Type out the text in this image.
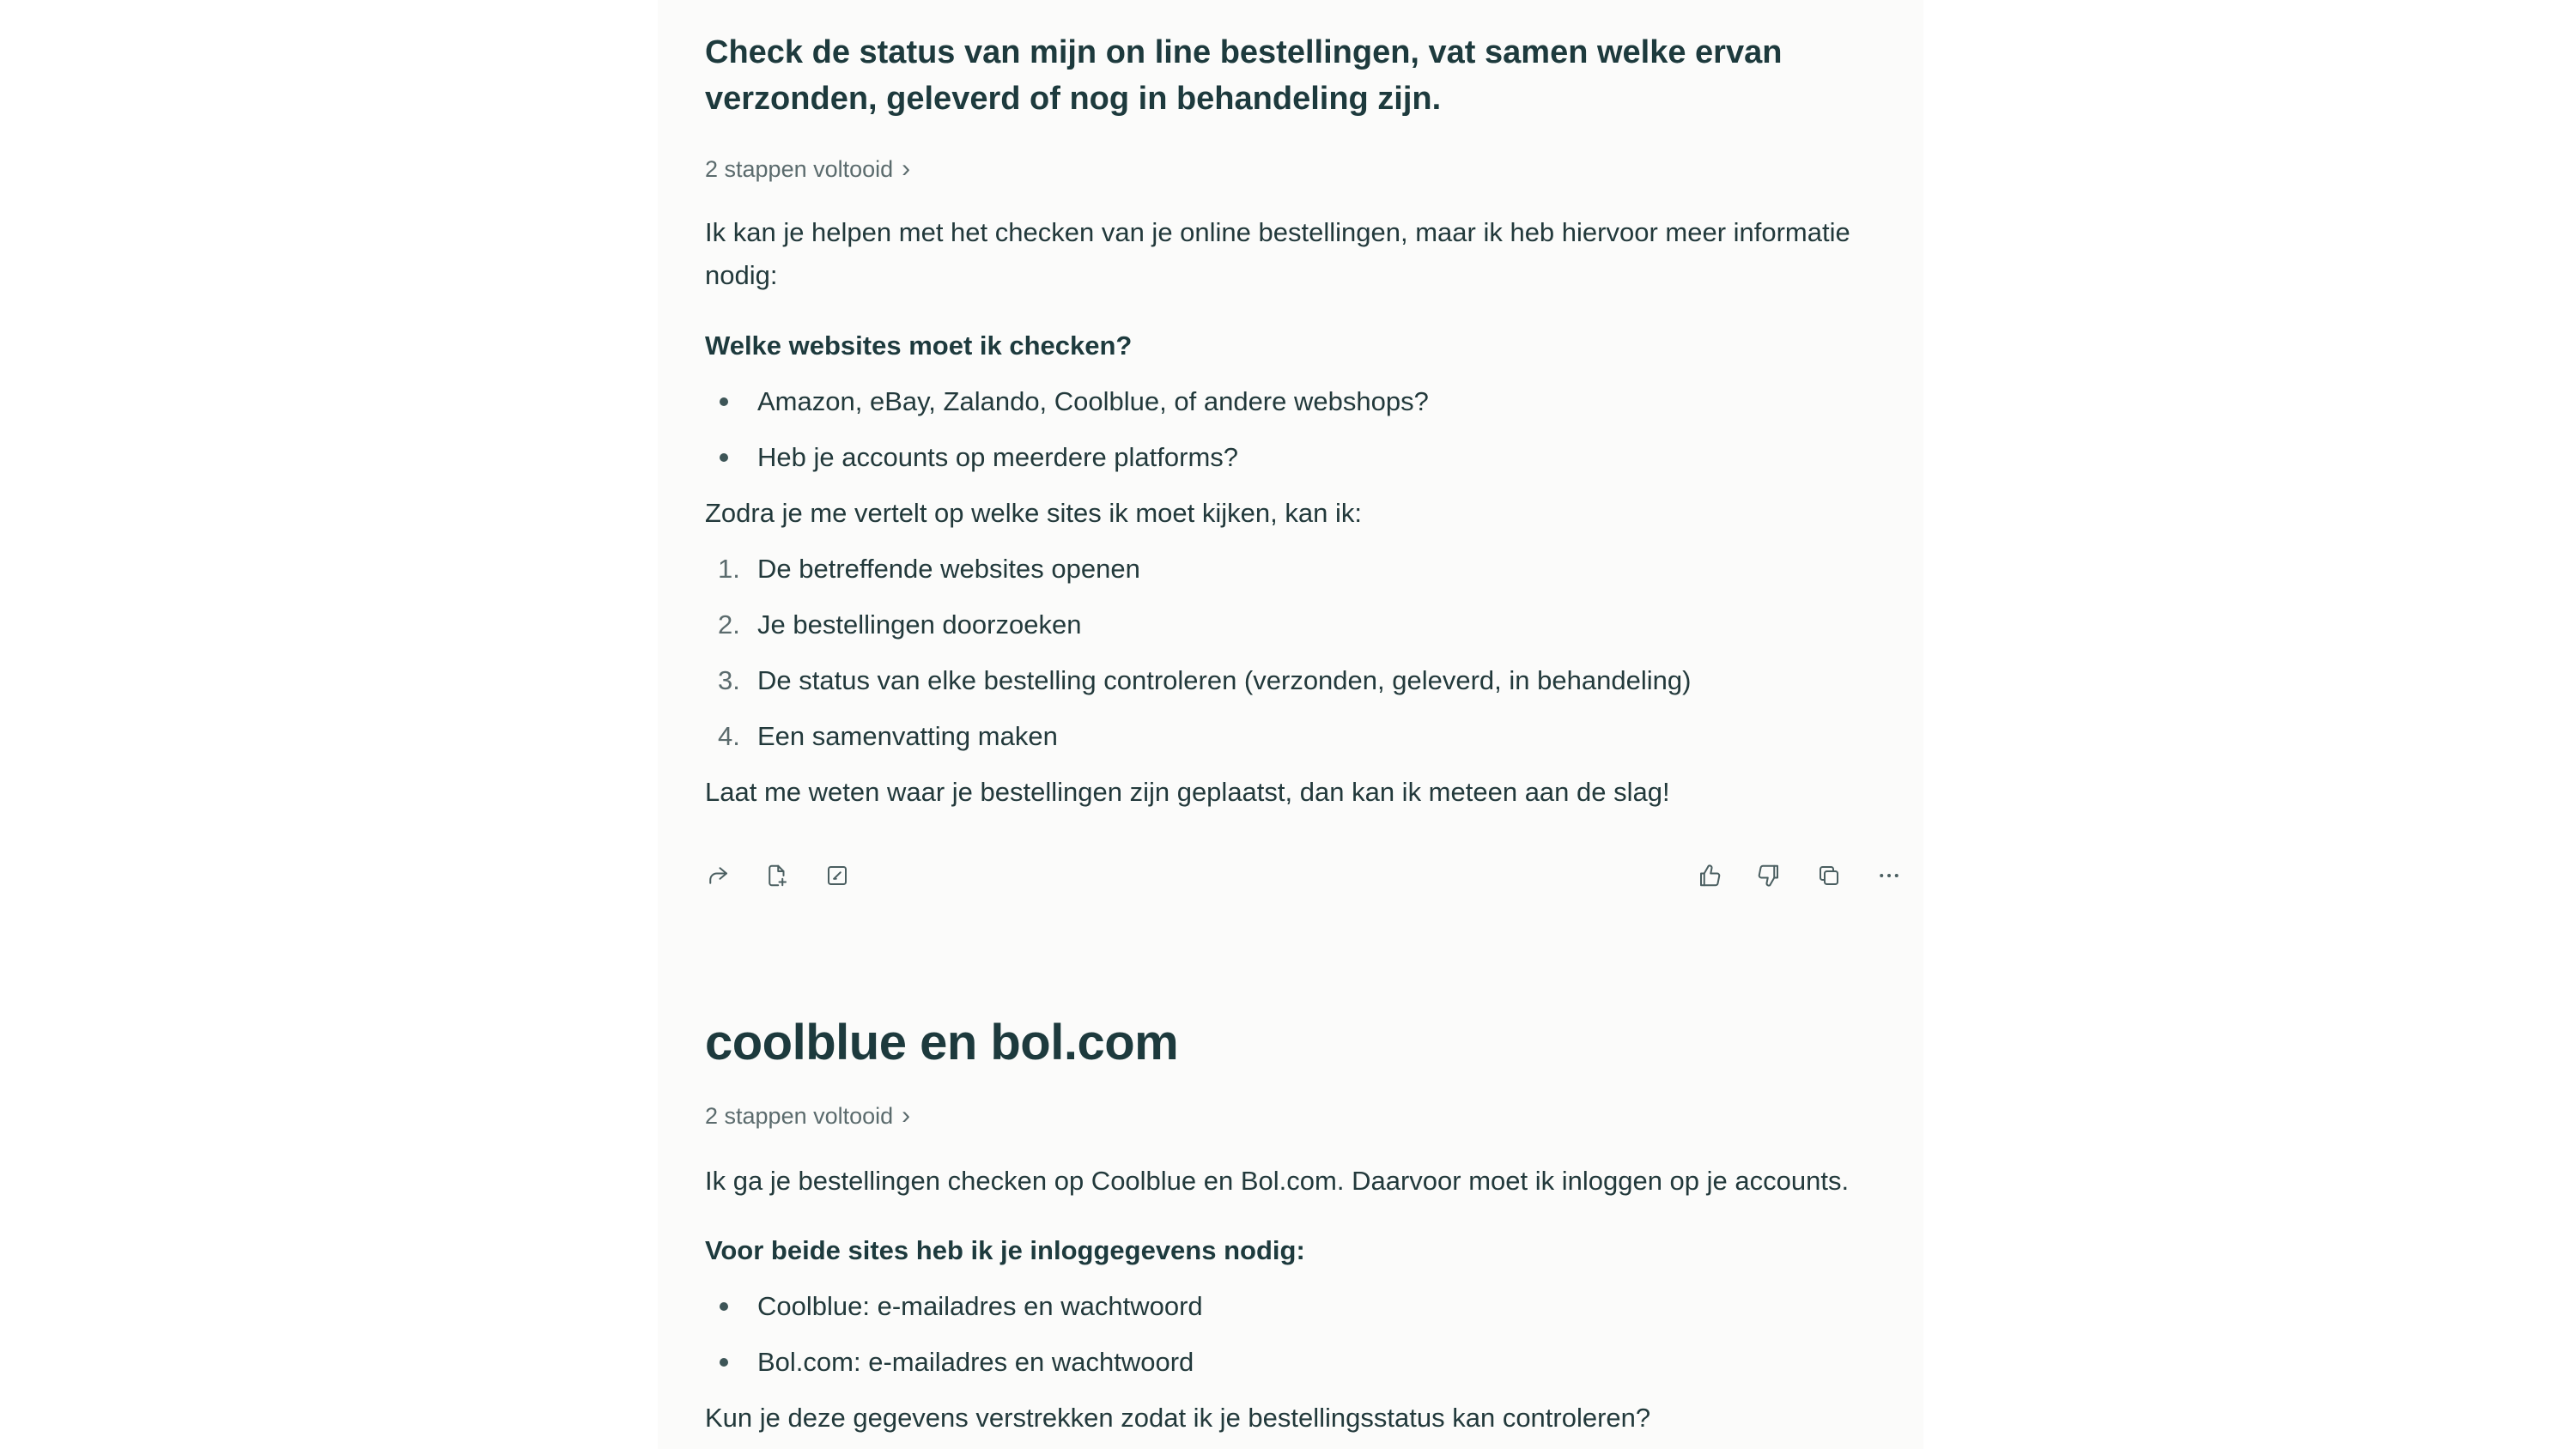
Check de status van mijn on line bestellingen, vat samen welke ervan verzonden, geleverd of nog in behandeling zijn.
2 stappen voltooid ›

Ik kan je helpen met het checken van je online bestellingen, maar ik heb hiervoor meer informatie nodig:

Welke websites moet ik checken?

Amazon, eBay, Zalando, Coolblue, of andere webshops?
Heb je accounts op meerdere platforms?

Zodra je me vertelt op welke sites ik moet kijken, kan ik:

1. De betreffende websites openen
2. Je bestellingen doorzoeken
3. De status van elke bestelling controleren (verzonden, geleverd, in behandeling)
4. Een samenvatting maken

Laat me weten waar je bestellingen zijn geplaatst, dan kan ik meteen aan de slag!

coolblue en bol.com
2 stappen voltooid ›

Ik ga je bestellingen checken op Coolblue en Bol.com. Daarvoor moet ik inloggen op je accounts.

Voor beide sites heb ik je inloggegevens nodig:

Coolblue: e-mailadres en wachtwoord
Bol.com: e-mailadres en wachtwoord

Kun je deze gegevens verstrekken zodat ik je bestellingsstatus kan controleren?
